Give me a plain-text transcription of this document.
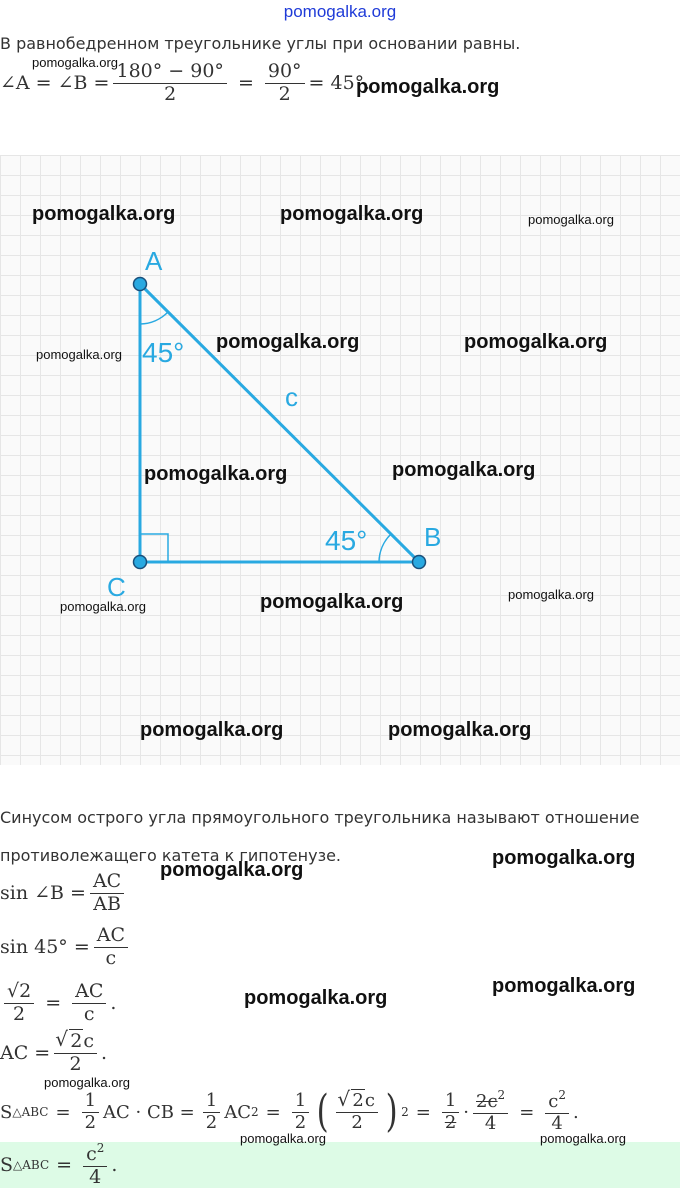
pomogalka.org
В равнобедренном треугольнике углы при основании равны.
∠A = ∠B = $\frac{180^\circ - 90^\circ}{2} = \frac{90^\circ}{2} = 45^\circ$.
A
B
C
c
45°
45°
Синусом острого угла прямоугольного треугольника называют отношение
противолежащего катета к гипотенузе.
sin ∠B = $\frac{AC}{AB}$
$\sin 45^\circ = \frac{AC}{c}$
$\frac{√2}{2} = \frac{AC}{c}$ .
AC = √ $\frac{2c}{2}$ .
S △ABC = $\frac{1}{2}$ AC · CB = $\frac{1}{2}$ AC $2 = \frac{1}{2}$ ( √ $\frac{2c}{2}$ ) $2 = \frac{1}{2} \cdot \frac{2c^2}{4} = \frac{c^2}{4}$ .
S △ABC = $\frac{c^2}{4}$ .
pomogalka.org
pomogalka.org
pomogalka.org	pomogalka.org	pomogalka.org
pomogalka.org
pomogalka.org	pomogalka.org
pomogalka.org	pomogalka.org
pomogalka.org	pomogalka.org	pomogalka.org
pomogalka.org	pomogalka.org
pomogalka.org
pomogalka.org
pomogalka.org
pomogalka.org
pomogalka.org
pomogalka.org	pomogalka.org
